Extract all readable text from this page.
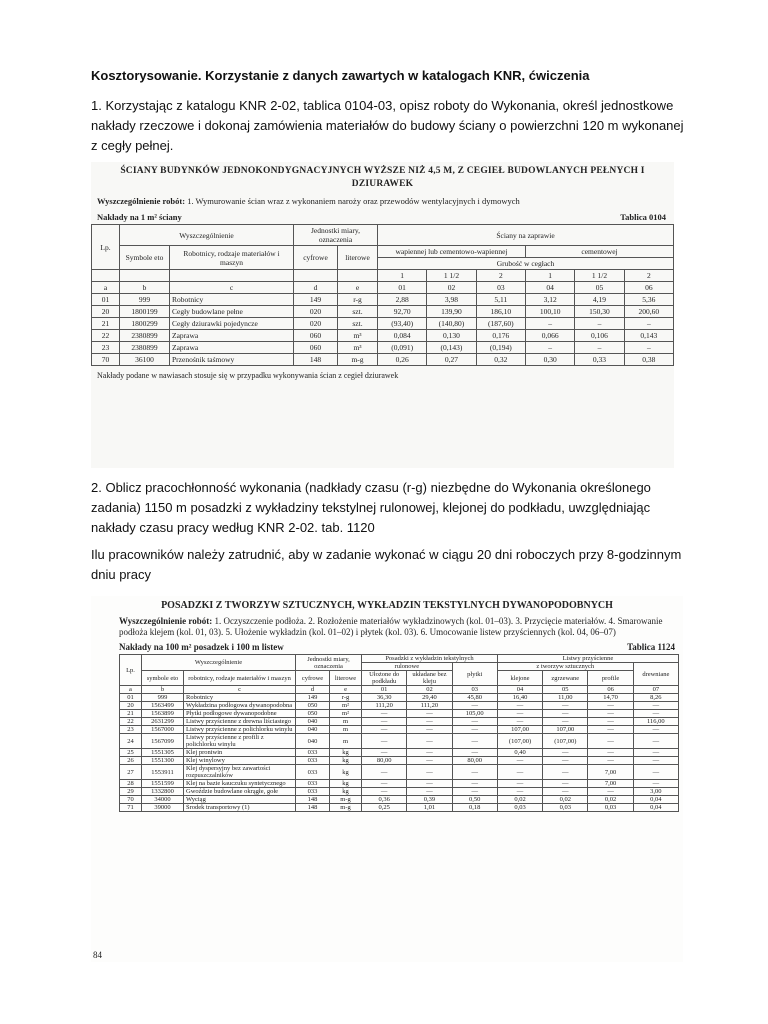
Kosztorysowanie. Korzystanie z danych zawartych w katalogach KNR, ćwiczenia
1. Korzystając z katalogu KNR 2-02, tablica 0104-03, opisz roboty do Wykonania, określ jednostkowe nakłady rzeczowe i dokonaj zamówienia materiałów do budowy ściany o powierzchni 120 m wykonanej z cegły pełnej.
ŚCIANY BUDYNKÓW JEDNOKONDYGNACYJNYCH WYŻSZE NIŻ 4,5 M, Z CEGIEŁ BUDOWLANYCH PEŁNYCH I DZIURAWEK
Wyszczególnienie robót: 1. Wymurowanie ścian wraz z wykonaniem naroży oraz przewodów wentylacyjnych i dymowych
Nakłady na 1 m² ściany	Tablica 0104
Lp.	Wyszczególnienie		Jednostki miary, oznaczenia		Ściany na zaprawie					
	Symbole eto	Robotnicy, rodzaje materiałów i maszyn	cyfrowe	literowe	wapiennej lub cementowo-wapiennej			cementowej		
					Grubość w cegłach					
					1	1 1/2	2	1	1 1/2	2
a	b	c	d	e	01	02	03	04	05	06
01	999	Robotnicy	149	r-g	2,88	3,98	5,11	3,12	4,19	5,36
20	1800199	Cegły budowlane pełne	020	szt.	92,70	139,90	186,10	100,10	150,30	200,60
21	1800299	Cegły dziurawki pojedyncze	020	szt.	(93,40)	(140,80)	(187,60)	–	–	–
22	2380899	Zaprawa	060	m³	0,084	0,130	0,176	0,066	0,106	0,143
23	2380899	Zaprawa	060	m³	(0,091)	(0,143)	(0,194)	–	–	–
70	36100	Przenośnik taśmowy	148	m-g	0,26	0,27	0,32	0,30	0,33	0,38
Nakłady podane w nawiasach stosuje się w przypadku wykonywania ścian z cegieł dziurawek
2. Oblicz pracochłonność wykonania (nadkłady czasu (r-g) niezbędne do Wykonania określonego zadania) 1150 m posadzki z wykładziny tekstylnej rulonowej, klejonej do podkładu, uwzględniając nakłady czasu pracy według KNR 2-02. tab. 1120
Ilu pracowników należy zatrudnić, aby w zadanie wykonać w ciągu 20 dni roboczych przy 8-godzinnym dniu pracy
POSADZKI Z TWORZYW SZTUCZNYCH, WYKŁADZIN TEKSTYLNYCH DYWANOPODOBNYCH
Wyszczególnienie robót: 1. Oczyszczenie podłoża. 2. Rozłożenie materiałów wykładzinowych (kol. 01–03). 3. Przycięcie materiałów. 4. Smarowanie podłoża klejem (kol. 01, 03). 5. Ułożenie wykładzin (kol. 01–02) i płytek (kol. 03). 6. Umocowanie listew przyściennych (kol. 04, 06–07)
Nakłady na 100 m² posadzek i 100 m listew	Tablica 1124
Lp.	Wyszczególnienie		Jednostki miary, oznaczenia		Posadzki z wykładzin tekstylnych			Listwy przyścienne			
					rulonowe		płytki	z tworzyw sztucznych			drewniane
	symbole eto	robotnicy, rodzaje materiałów i maszyn	cyfrowe	literowe	Ułożone do podkładu	układane bez kleju		klejone	zgrzewane	profile	
a	b	c	d	e	01	02	03	04	05	06	07
01	999	Robotnicy	149	r-g	36,30	29,40	45,80	16,40	11,00	14,70	8,26
20	1563499	Wykładzina podłogowa dywanopodobna	050	m²	111,20	111,20	—	—	—	—	—
21	1563899	Płytki podłogowe dywanopodobne	050	m²	—	—	105,00	—	—	—	—
22	2631299	Listwy przyścienne z drewna liściastego	040	m	—	—	—	—	—	—	116,00
23	1567000	Listwy przyścienne z polichlorku winylu	040	m	—	—	—	107,00	107,00	—	—
24	1567099	Listwy przyścienne z profili z polichlorku winylu	040	m	—	—	—	(107,00)	(107,00)	—	—
25	1551305	Klej proniwin	033	kg	—	—	—	0,40	—	—	—
26	1551300	Klej winylowy	033	kg	80,00	—	80,00	—	—	—	—
27	1553911	Klej dyspersyjny bez zawartości rozpuszczalników	033	kg	—	—	—	—	—	7,00	—
28	1551599	Klej na bazie kauczuku syntetycznego	033	kg	—	—	—	—	—	7,00	—
29	1332800	Gwoździe budowlane okrągłe, gołe	033	kg	—	—	—	—	—	—	3,00
70	34000	Wyciąg	148	m-g	0,36	0,39	0,50	0,02	0,02	0,02	0,04
71	39000	Środek transportowy (1)	148	m-g	0,25	1,01	0,18	0,03	0,03	0,03	0,04
84
